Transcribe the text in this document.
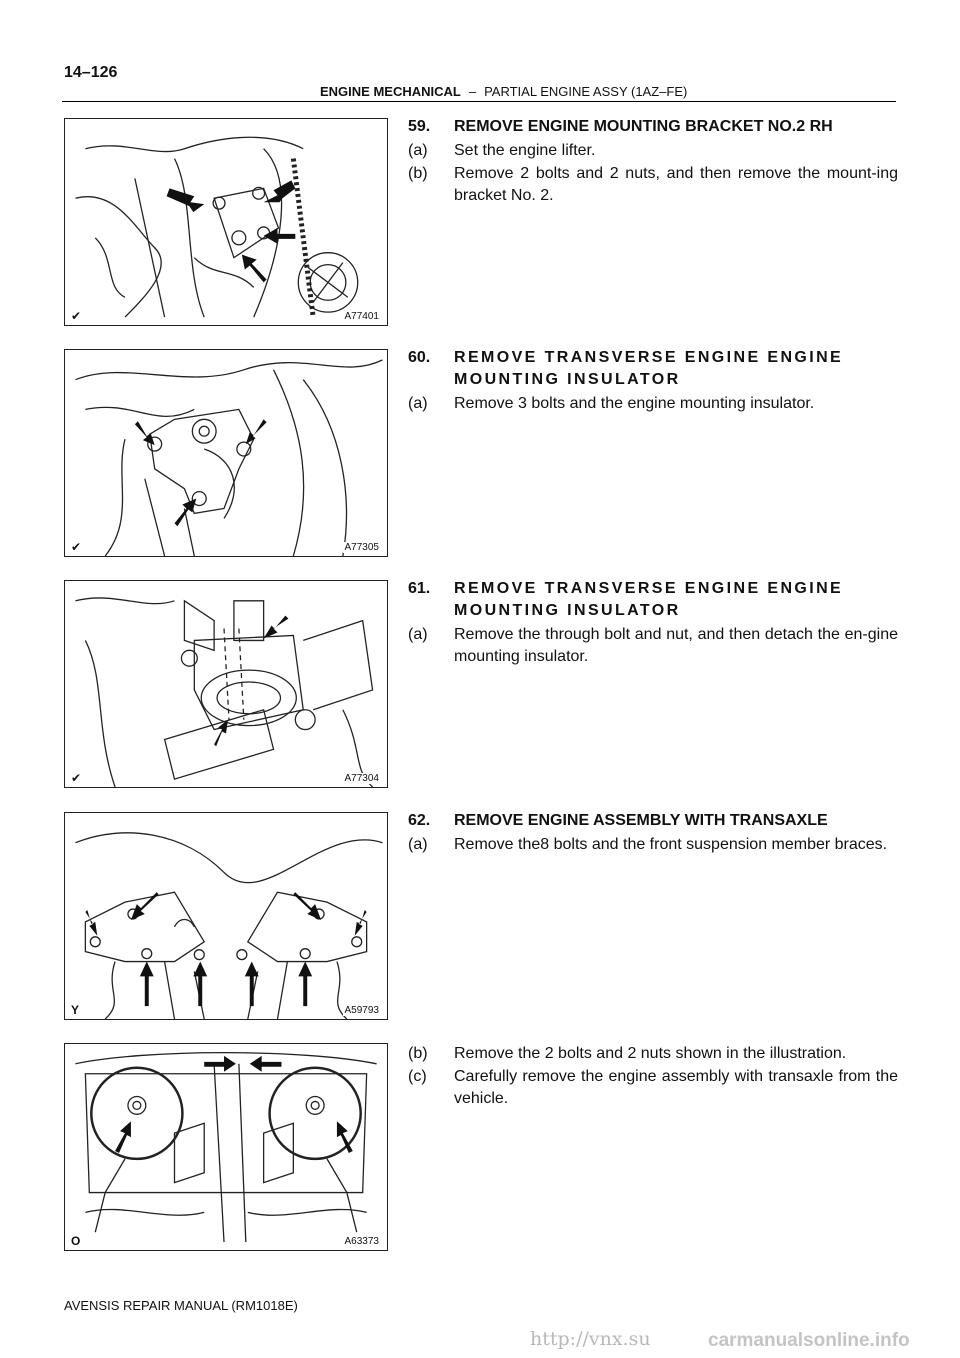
14–126
ENGINE MECHANICAL – PARTIAL ENGINE ASSY (1AZ–FE)
✔	A77401
✔	A77305
✔	A77304
Y	A59793
O	A63373
59.	REMOVE ENGINE MOUNTING BRACKET NO.2 RH
(a)	Set the engine lifter.
(b)	Remove 2 bolts and 2 nuts, and then remove the mount-ing bracket No. 2.
60.	REMOVE TRANSVERSE ENGINE ENGINE MOUNTING INSULATOR
(a)	Remove 3 bolts and the engine mounting insulator.
61.	REMOVE TRANSVERSE ENGINE ENGINE MOUNTING INSULATOR
(a)	Remove the through bolt and nut, and then detach the en-gine mounting insulator.
62.	REMOVE ENGINE ASSEMBLY WITH TRANSAXLE
(a)	Remove the8 bolts and the front suspension member braces.
(b)	Remove the 2 bolts and 2 nuts shown in the illustration.
(c)	Carefully remove the engine assembly with transaxle from the vehicle.
AVENSIS REPAIR MANUAL (RM1018E)
http://vnx.su	carmanualsonline.info
